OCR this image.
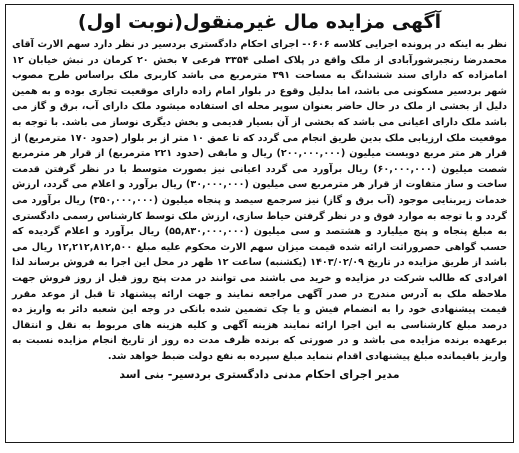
آگهی مزایده مال غیرمنقول(نوبت اول)

نظر به اینکه در پرونده اجرایی کلاسه ۰۶۰۶- اجرای احکام دادگستری بردسیر در نظر دارد سهم الارث آقای محمدرضا رنجبرشورآبادی از ملک واقع در پلاک اصلی ۳۳۵۴ فرعی ۷ بخش ۲۰ کرمان در نبش خیابان ۱۲ امامزاده که دارای سند ششدانگ به مساحت ۳۹۱ مترمربع می باشد کاربری ملک براساس طرح مصوب شهر بردسیر مسکونی می باشد، اما بدلیل وقوع در بلوار امام زاده دارای موقعیت تجاری بوده و به همین دلیل از بخشی از ملک در حال حاضر بعنوان سوپر محله ای استفاده میشود ملک دارای آب، برق و گاز می باشد ملک دارای اعیانی می باشد که بخشی از آن بسیار قدیمی و بخش دیگری نوساز می باشد. با توجه به موقعیت ملک ارزیابی ملک بدین طریق انجام می گردد که تا عمق ۱۰ متر از بر بلوار (حدود ۱۷۰ مترمربع) از قرار هر متر مربع دویست میلیون (۲۰۰,۰۰۰,۰۰۰) ریال و مابقی (حدود ۲۲۱ مترمربع) از قرار هر مترمربع شصت میلیون (۶۰,۰۰۰,۰۰۰) ریال برآورد می گردد اعیانی نیز بصورت متوسط با در نظر گرفتن قدمت ساخت و ساز متفاوت از قرار هر مترمربع سی میلیون (۳۰,۰۰۰,۰۰۰) ریال برآورد و اعلام می گردد، ارزش خدمات زیربنایی موجود (آب برق و گاز) نیز سرجمع سیصد و پنجاه میلیون (۳۵۰,۰۰۰,۰۰۰) ریال برآورد می گردد و با توجه به موارد فوق و در نظر گرفتن حیاط سازی، ارزش ملک توسط کارشناس رسمی دادگستری به مبلغ پنجاه و پنج میلیارد و هشتصد و سی میلیون (۵۵,۸۳۰,۰۰۰,۰۰۰) ریال برآورد و اعلام گردیده که حسب گواهی حصروراثت ارائه شده قیمت میزان سهم الارث محکوم علیه مبلغ ۱۲,۲۱۲,۸۱۲,۵۰۰ ریال می باشد از طریق مزایده در تاریخ ۱۴۰۳/۰۲/۰۹ (یکشنبه) ساعت ۱۲ ظهر در محل این اجرا به فروش برساند لذا افرادی که طالب شرکت در مزایده و خرید می باشند می توانند در مدت پنج روز قبل از روز فروش جهت ملاحظه ملک به آدرس مندرج در صدر آگهی مراجعه نمایند و جهت ارائه پیشنهاد تا قبل از موعد مقرر قیمت پیشنهادی خود را به انضمام فیش و یا چک تضمین شده بانکی در وجه این شعبه دائر به واریز ده درصد مبلغ کارشناسی به این اجرا ارائه نمایند هزینه آگهی و کلیه هزینه های مربوط به نقل و انتقال برعهده برنده مزایده می باشد و در صورتی که برنده ظرف مدت ده روز از تاریخ انجام مزایده نسبت به واریز باقیمانده مبلغ پیشنهادی اقدام ننماید مبلغ سپرده به نفع دولت ضبط خواهد شد.

مدیر اجرای احکام مدنی دادگستری بردسیر- بنی اسد
